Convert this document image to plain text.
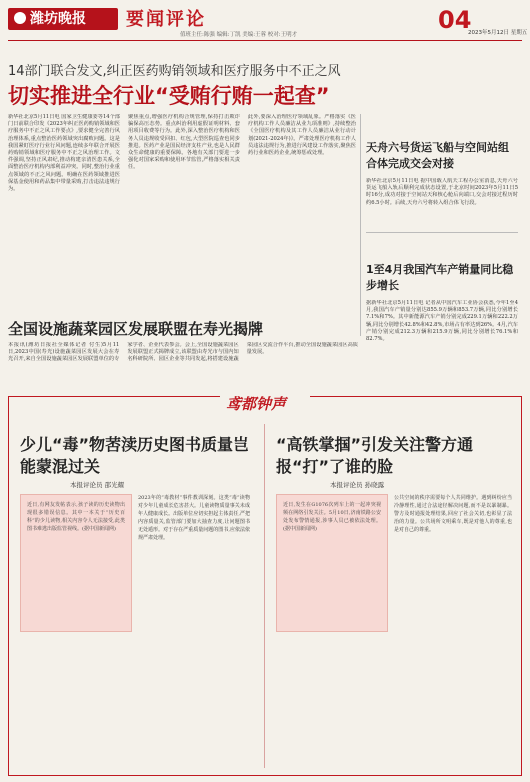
潍坊晚报	要闻评论
值班主任:陈强 编辑:丁凯 美编:王蓉 校对:王明才
04
2023年5月12日 星期五
14部门联合发文,纠正医药购销领域和医疗服务中不正之风
切实推进全行业“受贿行贿一起查”
新华社北京5月11日电 国家卫生健康委等14个部门日前联合印发《2023年纠正医药购销领域和医疗服务中不正之风工作要点》,要求健全完善行风治理体系,重点整治医药领域突出腐败问题。这是我国紧盯医疗行业行风问题,连续多年联合开展医药购销领域和医疗服务中不正之风治理工作。文件强调,坚持正风肃纪,推动构建亲清医患关系,全面整治医疗机构内部利益冲突。同时,整治行业重点领域的不正之风问题。明确在医药领域推进医保基金使用和药品集中带量采购,打击违法违规行为。
聚焦重点,增强医疗机构合规管理,保持打击欺诈骗保高压态势。重点纠治利用虚假证明材料、套用项目收费等行为。此外,深入整治医疗机构和医务人员违规收受回扣、红包,大型医院巡查也同步推进。医药产业是国民经济支柱产业,也是人民群众生命健康的重要保障。各地有关部门要进一步强化对国家采购和使用环节监管,严格落实相关责任。
此外,要深入治理医疗领域乱象。严格落实《医疗机构工作人员廉洁从业九项准则》,持续整治《全国医疗机构及其工作人员廉洁从业行动计划(2021-2024年)》。严肃处理医疗机构工作人员违法违规行为,推进行风建设工作落实,聚焦医药行业和医药企业,统筹惩戒处理。	天舟六号货运飞船与空间站组合体完成交会对接
新华社北京5月11日电 据中国载人航天工程办公室消息,天舟六号货运飞船入轨后顺利完成状态设置,于北京时间2023年5月11日5时16分,成功对接于空间站天和核心舱后向端口,交会对接过程历时约6.5小时。后续,天舟六号将转入组合体飞行段。
1至4月我国汽车产销量同比稳步增长
据新华社北京5月11日电 记者从中国汽车工业协会获悉,今年1至4月,我国汽车产销量分别达855.9万辆和853.7万辆,同比分别增长7.1%和7%。其中新能源汽车产销分别完成229.1万辆和222.2万辆,同比分别增长42.8%和42.8%,市场占有率达到26%。4月,汽车产销分别完成212.3万辆和215.9万辆,同比分别增长76.1%和82.7%。
全国设施蔬菜园区发展联盟在寿光揭牌
本报讯(潍坊日报社全媒体记者 付生)5月11日,2023中国(寿光)设施蔬菜园区发展大会在寿光召开,来自全国设施蔬菜园区发展联盟单位的专家学者、企业代表参会。会上,全国设施蔬菜园区发展联盟正式揭牌成立,该联盟由寿光市与国内知名科研院所、园区企业等共同发起,将搭建设施蔬菜园区交流合作平台,推动全国设施蔬菜园区高质量发展。
鸢都钟声
少儿“毒”物䓏渎历史图书质量岂能蒙混过关
本报评论员 邵光耀
近日,有网友发帖表示,孩子读的历史读物出现很多错误信息。其中一本关于“历史百科”的少儿读物,相关内容令人无法接受,此类图书难逃出版监管视线。(据中国新闻网)
2023年的“毒教材”事件教训深刻。这类“毒”读物对少年儿童成长危害甚大。儿童读物质量事关未成年人健康成长。出版单位应切实担起主体责任,严把内容质量关,监管部门要加大抽查力度,让问题图书无处遁形。对于存在严重质量问题的图书,应依法依规严肃处理。
“高铁掌掴”引发关注警方通报“打”了谁的脸
本报评论员 孙晓露
近日,发生在G1076次列车上的一起冲突视频在网络引发关注。5月10日,济南铁路公安处发布警情通报,涉事人员已被依法处理。(据中国新闻网)
公共空间的秩序需要每个人共同维护。遇到纠纷应当冷静理性,通过合法途径解决问题,而不是以暴制暴。警方及时通报处理结果,回应了社会关切,也彰显了法治的力量。公共场所文明乘车,既是对他人的尊重,也是对自己的尊重。
